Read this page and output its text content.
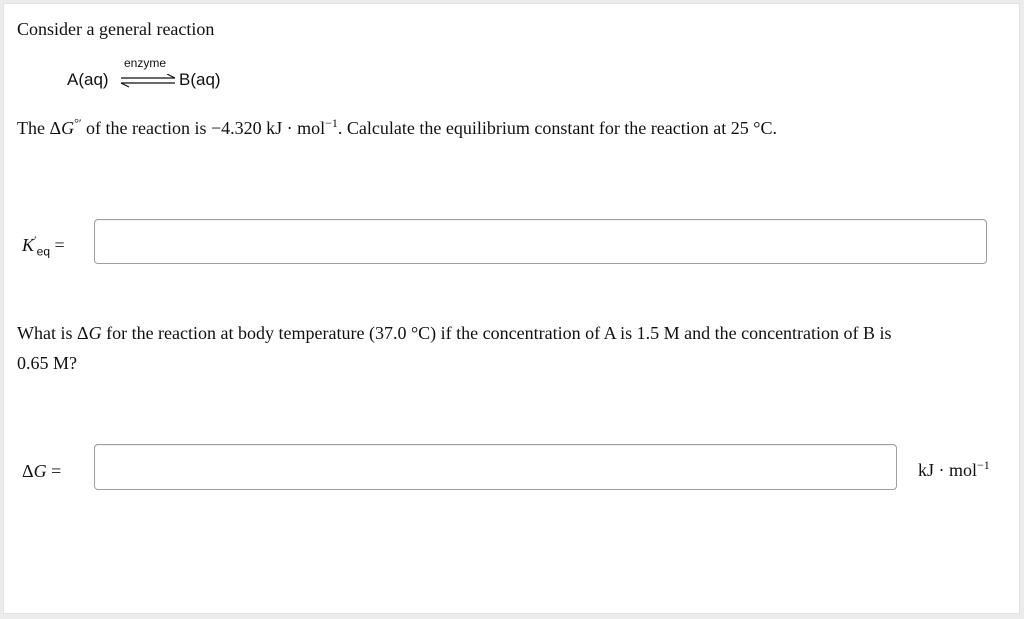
Consider a general reaction
A(aq)
enzyme
⇌ B(aq)
The ΔG°′ of the reaction is −4.320 kJ · mol$^{-1}$. Calculate the equilibrium constant for the reaction at 25 °C.
$K'_{eq}$ =
What is ΔG for the reaction at body temperature (37.0 °C) if the concentration of A is 1.5 M and the concentration of B is
0.65 M?
ΔG =	kJ · mol$^{-1}$
